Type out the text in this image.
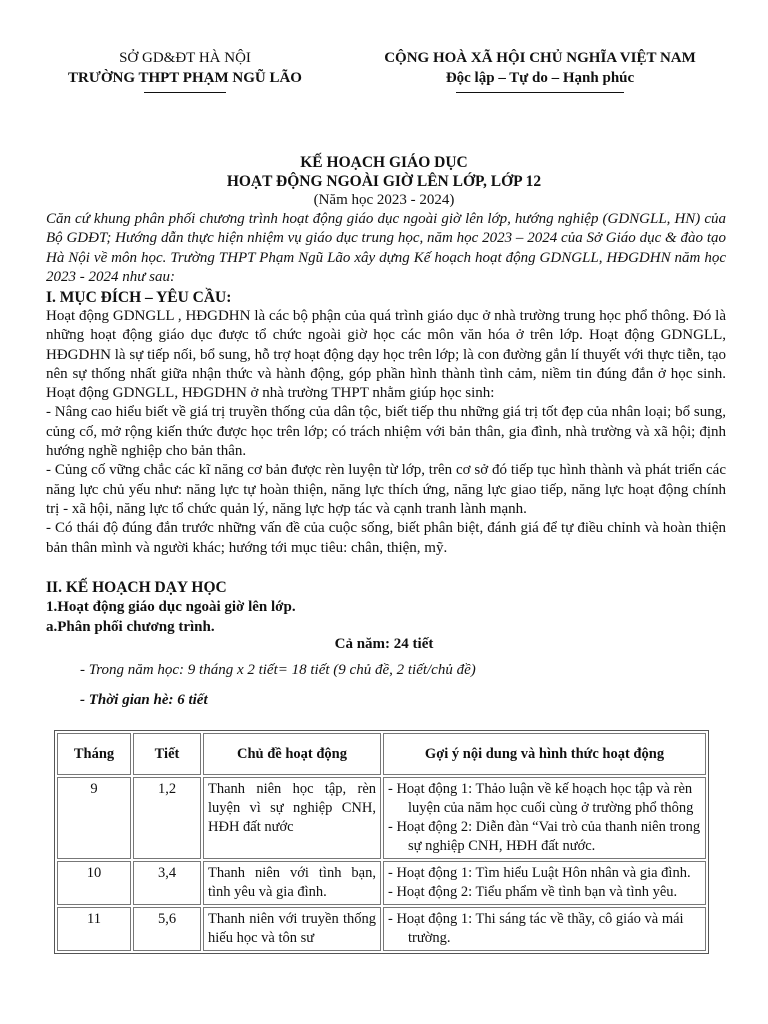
SỞ GD&ĐT HÀ NỘI
TRƯỜNG THPT PHẠM NGŨ LÃO
CỘNG HOÀ XÃ HỘI CHỦ NGHĨA VIỆT NAM
Độc lập – Tự do – Hạnh phúc
KẾ HOẠCH GIÁO DỤC
HOẠT ĐỘNG NGOÀI GIỜ LÊN LỚP, LỚP 12
(Năm học 2023 - 2024)
Căn cứ khung phân phối chương trình hoạt động giáo dục ngoài giờ lên lớp, hướng nghiệp (GDNGLL, HN) của Bộ GDĐT; Hướng dẫn thực hiện nhiệm vụ giáo dục trung học, năm học 2023 – 2024 của Sở Giáo dục & đào tạo Hà Nội về môn học. Trường THPT Phạm Ngũ Lão xây dựng Kế hoạch hoạt động GDNGLL, HĐGDHN năm học 2023 - 2024 như sau:
I. MỤC ĐÍCH – YÊU CẦU:

Hoạt động GDNGLL , HĐGDHN là các bộ phận của quá trình giáo dục ở nhà trường trung học phổ thông. Đó là những hoạt động giáo dục được tổ chức ngoài giờ học các môn văn hóa ở trên lớp. Hoạt động GDNGLL, HĐGDHN là sự tiếp nối, bổ sung, hỗ trợ hoạt động dạy học trên lớp; là con đường gắn lí thuyết với thực tiễn, tạo nên sự thống nhất giữa nhận thức và hành động, góp phần hình thành tình cảm, niềm tin đúng đắn ở học sinh. Hoạt động GDNGLL, HĐGDHN ở nhà trường THPT nhằm giúp học sinh:

- Nâng cao hiểu biết về giá trị truyền thống của dân tộc, biết tiếp thu những giá trị tốt đẹp của nhân loại; bổ sung, củng cố, mở rộng kiến thức được học trên lớp; có trách nhiệm với bản thân, gia đình, nhà trường và xã hội; định hướng nghề nghiệp cho bản thân.

- Củng cố vững chắc các kĩ năng cơ bản được rèn luyện từ lớp, trên cơ sở đó tiếp tục hình thành và phát triển các năng lực chủ yếu như: năng lực tự hoàn thiện, năng lực thích ứng, năng lực giao tiếp, năng lực hoạt động chính trị - xã hội, năng lực tổ chức quản lý, năng lực hợp tác và cạnh tranh lành mạnh.

- Có thái độ đúng đắn trước những vấn đề của cuộc sống, biết phân biệt, đánh giá để tự điều chỉnh và hoàn thiện bản thân mình và người khác; hướng tới mục tiêu: chân, thiện, mỹ.

II. KẾ HOẠCH DẠY HỌC
1.Hoạt động giáo dục ngoài giờ lên lớp.
a.Phân phối chương trình.
Cả năm: 24 tiết
- Trong năm học: 9 tháng x 2 tiết= 18 tiết (9 chủ đề, 2 tiết/chủ đề)
- Thời gian hè: 6 tiết
Tháng	Tiết	Chủ đề hoạt động	Gợi ý nội dung và hình thức hoạt động
9	1,2	Thanh niên học tập, rèn luyện vì sự nghiệp CNH, HĐH đất nước	- Hoạt động 1: Thảo luận về kế hoạch học tập và rèn luyện của năm học cuối cùng ở trường phổ thông
- Hoạt động 2: Diễn đàn “Vai trò của thanh niên trong sự nghiệp CNH, HĐH đất nước.

10	3,4	Thanh niên với tình bạn, tình yêu và gia đình.	- Hoạt động 1: Tìm hiểu Luật Hôn nhân và gia đình.
- Hoạt động 2: Tiểu phẩm về tình bạn và tình yêu.

11	5,6	Thanh niên với truyền thống hiếu học và tôn sư	- Hoạt động 1: Thi sáng tác về thầy, cô giáo và mái trường.
